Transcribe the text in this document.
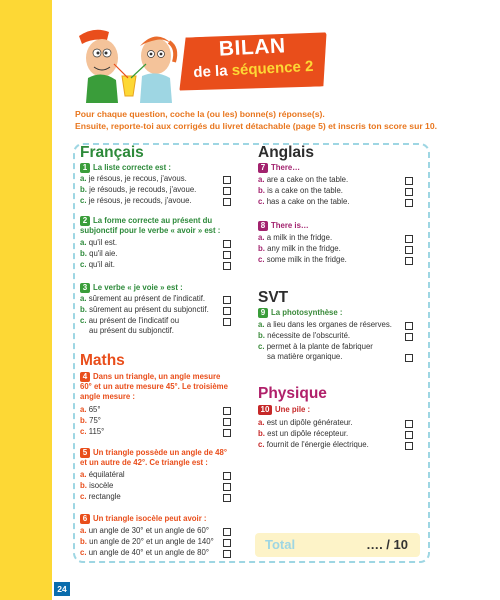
BILAN
de la séquence 2
Pour chaque question, coche la (ou les) bonne(s) réponse(s).
Ensuite, reporte-toi aux corrigés du livret détachable (page 5) et inscris ton score sur 10.
Français
1 La liste correcte est :
a. je résous, je recous, j'avous.
b. je résouds, je recouds, j'avoue.
c. je résous, je recouds, j'avoue.
2 La forme correcte au présent du
subjonctif pour le verbe « avoir » est :
a. qu'il est.
b. qu'il aie.
c. qu'il ait.
3 Le verbe « je voie » est :
a. sûrement au présent de l'indicatif.
b. sûrement au présent du subjonctif.
c. au présent de l'indicatif ou
au présent du subjonctif.
Maths
4 Dans un triangle, un angle mesure
60° et un autre mesure 45°. Le troisième
angle mesure :
a. 65°
b. 75°
c. 115°
5 Un triangle possède un angle de 48°
et un autre de 42°. Ce triangle est :
a. équilatéral
b. isocèle
c. rectangle
6 Un triangle isocèle peut avoir :
a. un angle de 30° et un angle de 60°
b. un angle de 20° et un angle de 140°
c. un angle de 40° et un angle de 80°
Anglais
7 There…
a. are a cake on the table.
b. is a cake on the table.
c. has a cake on the table.
8 There is…
a. a milk in the fridge.
b. any milk in the fridge.
c. some milk in the fridge.
SVT
9 La photosynthèse :
a. a lieu dans les organes de réserves.
b. nécessite de l'obscurité.
c. permet à la plante de fabriquer
sa matière organique.
Physique
10 Une pile :
a. est un dipôle générateur.
b. est un dipôle récepteur.
c. fournit de l'énergie électrique.
Total	…. / 10
24
